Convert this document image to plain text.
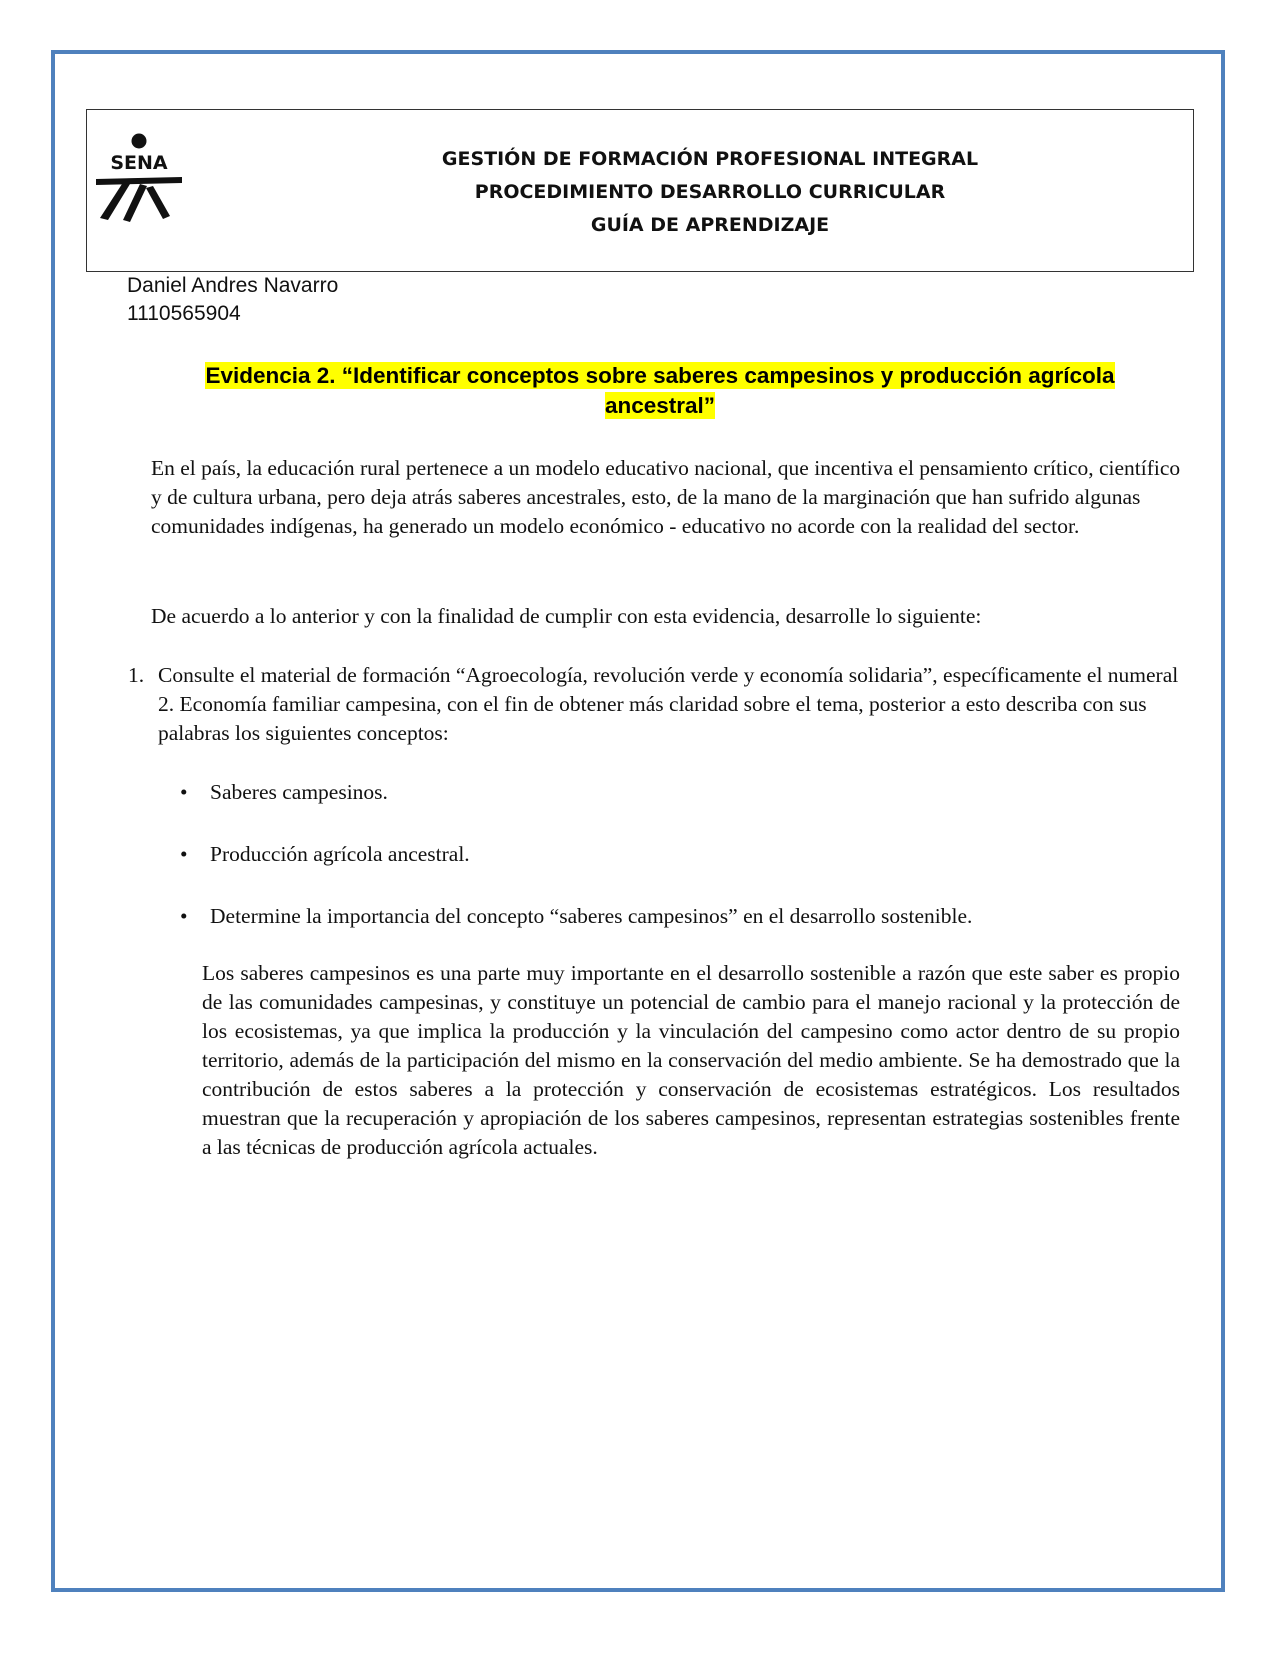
SENA	GESTIÓN DE FORMACIÓN PROFESIONAL INTEGRAL
PROCEDIMIENTO DESARROLLO CURRICULAR
GUÍA DE APRENDIZAJE
Daniel Andres Navarro
1110565904
Evidencia 2. “Identificar conceptos sobre saberes campesinos y producción agrícola
ancestral”
En el país, la educación rural pertenece a un modelo educativo nacional, que incentiva el pensamiento crítico, científico y de cultura urbana, pero deja atrás saberes ancestrales, esto, de la mano de la marginación que han sufrido algunas comunidades indígenas, ha generado un modelo económico - educativo no acorde con la realidad del sector.
De acuerdo a lo anterior y con la finalidad de cumplir con esta evidencia, desarrolle lo siguiente:
1. Consulte el material de formación “Agroecología, revolución verde y economía solidaria”, específicamente el numeral 2. Economía familiar campesina, con el fin de obtener más claridad sobre el tema, posterior a esto describa con sus palabras los siguientes conceptos:
• Saberes campesinos.
• Producción agrícola ancestral.
• Determine la importancia del concepto “saberes campesinos” en el desarrollo sostenible.
Los saberes campesinos es una parte muy importante en el desarrollo sostenible a razón que este saber es propio de las comunidades campesinas, y constituye un potencial de cambio para el manejo racional y la protección de los ecosistemas, ya que implica la producción y la vinculación del campesino como actor dentro de su propio territorio, además de la participación del mismo en la conservación del medio ambiente. Se ha demostrado que la contribución de estos saberes a la protección y conservación de ecosistemas estratégicos. Los resultados muestran que la recuperación y apropiación de los saberes campesinos, representan estrategias sostenibles frente a las técnicas de producción agrícola actuales.
